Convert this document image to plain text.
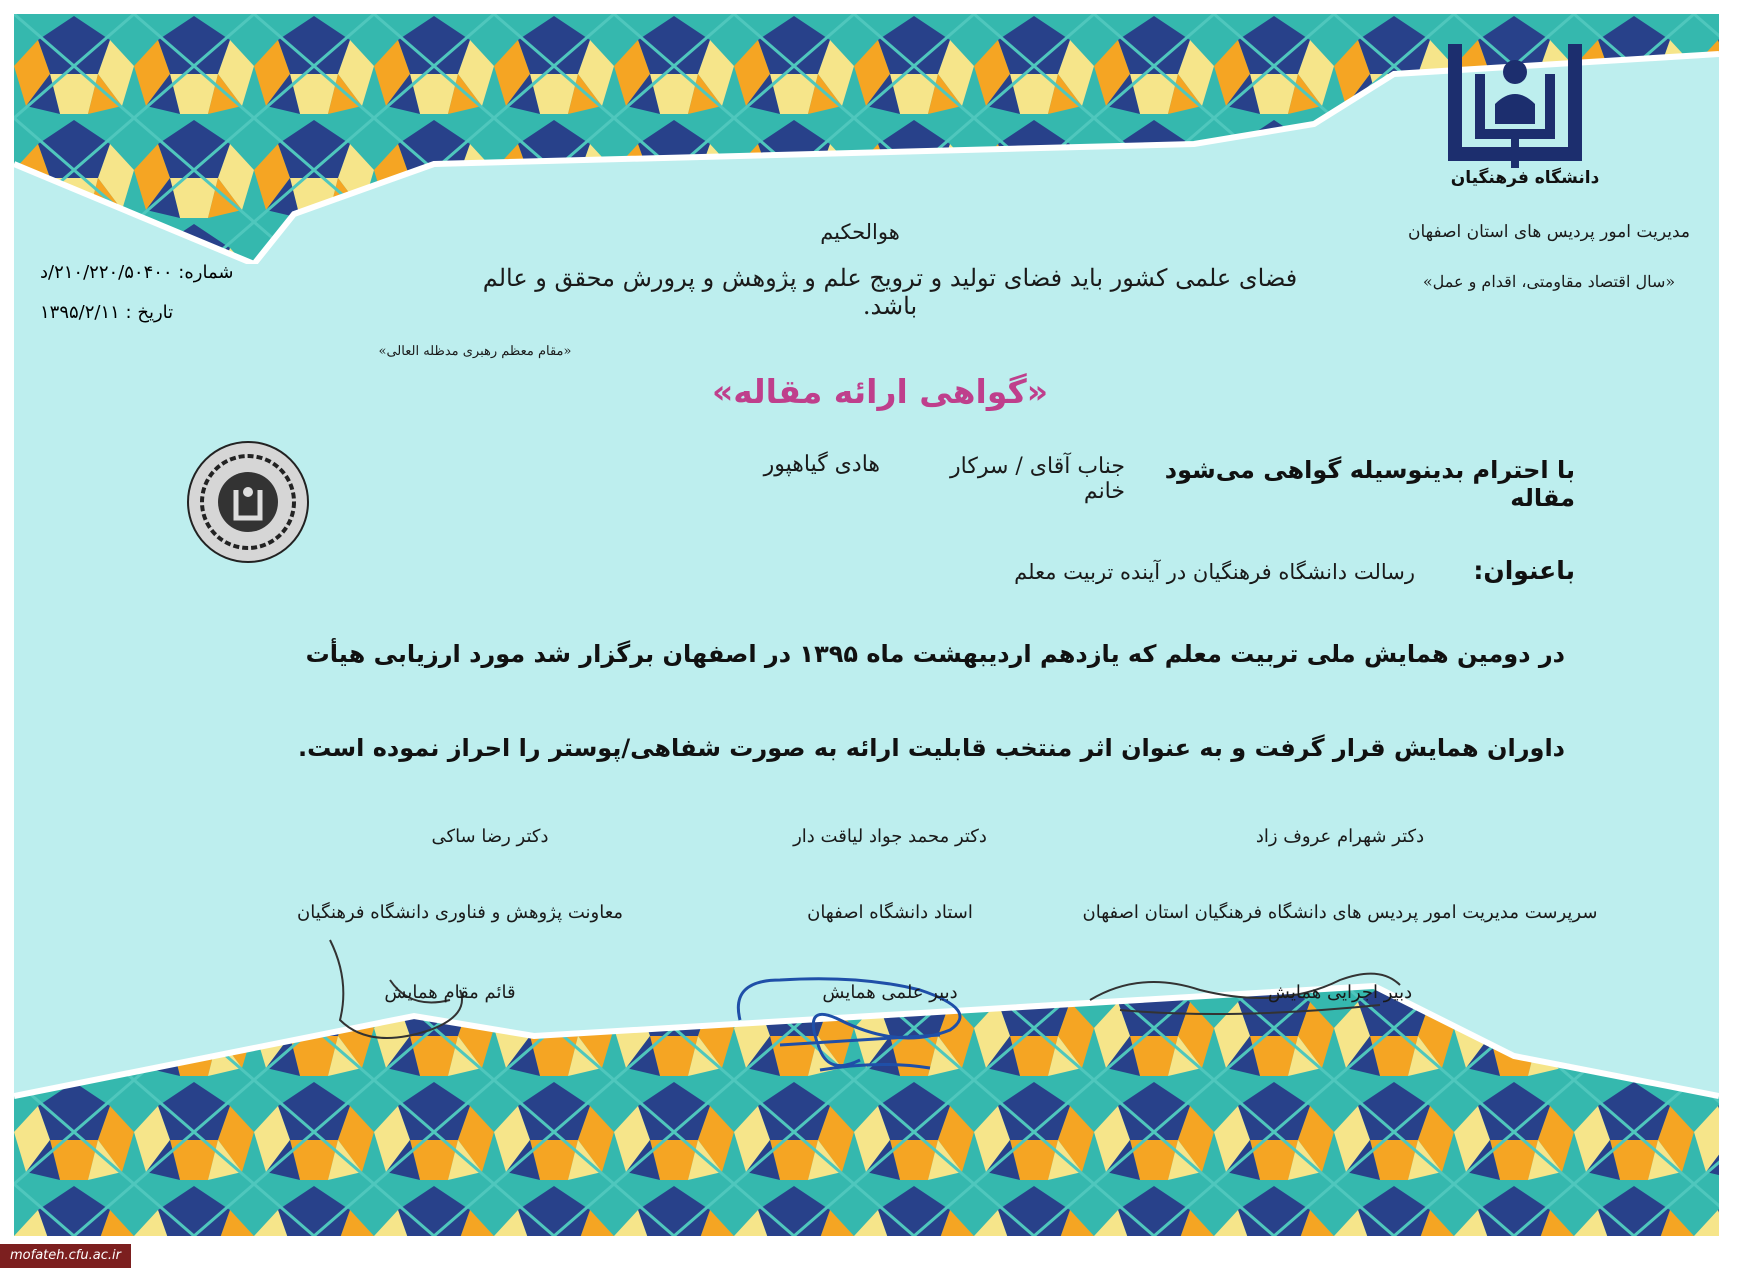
دانشگاه فرهنگیان

مدیریت امور پردیس های استان اصفهان

«سال اقتصاد مقاومتی، اقدام و عمل»

شماره: ۲۱۰/۲۲۰/۵۰۴۰۰/د

تاریخ : ۱۳۹۵/۲/۱۱

هوالحکیم

فضای علمی کشور باید فضای تولید و ترویج علم و پژوهش و پرورش محقق و عالم باشد.

«مقام معظم رهبری مدظله العالی»

«گواهی ارائه مقاله»

با احترام بدینوسیله گواهی می‌شود مقاله

جناب آقای / سرکار خانم

هادی گیاهپور

باعنوان:

رسالت دانشگاه فرهنگیان در آینده تربیت معلم

در دومین همایش ملی تربیت معلم که یازدهم اردیبهشت ماه ۱۳۹۵ در اصفهان برگزار شد مورد ارزیابی هیأت

داوران همایش قرار گرفت و به عنوان اثر منتخب قابلیت ارائه به صورت شفاهی/پوستر را احراز نموده است.

دکتر شهرام عروف زاد

سرپرست مدیریت امور پردیس های دانشگاه فرهنگیان استان اصفهان

دبیر اجرایی همایش

دکتر محمد جواد لیاقت دار

استاد دانشگاه اصفهان

دبیر علمی همایش

دکتر رضا ساکی

معاونت پژوهش و فناوری دانشگاه فرهنگیان

قائم مقام همایش

mofateh.cfu.ac.ir
